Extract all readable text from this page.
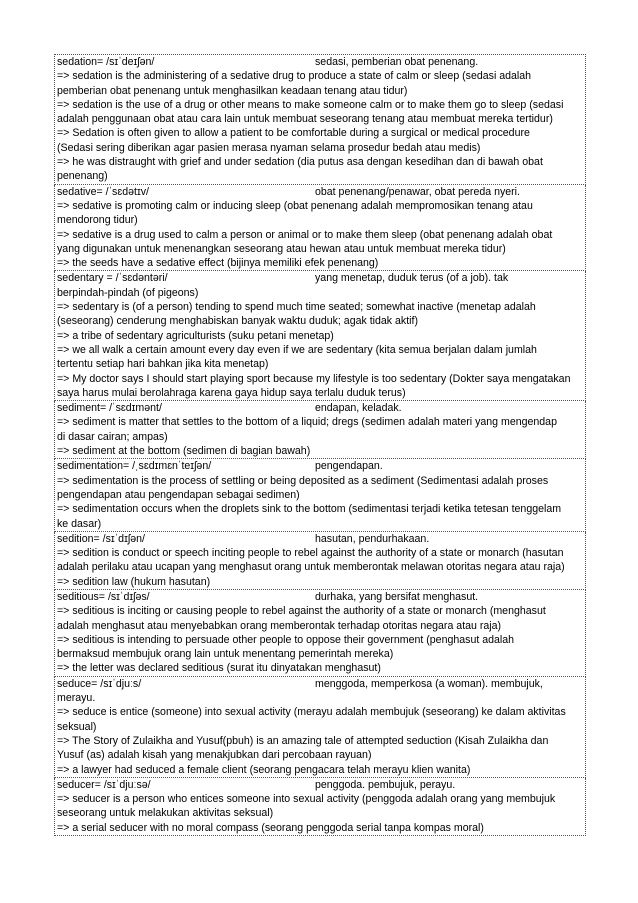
sedation= /sɪˈdeɪʃən/	sedasi, pemberian obat penenang.
=> sedation is the administering of a sedative drug to produce a state of calm or sleep (sedasi adalah
pemberian obat penenang untuk menghasilkan keadaan tenang atau tidur)
=> sedation is the use of a drug or other means to make someone calm or to make them go to sleep (sedasi
adalah penggunaan obat atau cara lain untuk membuat seseorang tenang atau membuat mereka tertidur)
=> Sedation is often given to allow a patient to be comfortable during a surgical or medical procedure
(Sedasi sering diberikan agar pasien merasa nyaman selama prosedur bedah atau medis)
=> he was distraught with grief and under sedation (dia putus asa dengan kesedihan dan di bawah obat
penenang)
sedative= /ˈsɛdətɪv/	obat penenang/penawar, obat pereda nyeri.
=> sedative is promoting calm or inducing sleep (obat penenang adalah mempromosikan tenang atau
mendorong tidur)
=> sedative is a drug used to calm a person or animal or to make them sleep (obat penenang adalah obat
yang digunakan untuk menenangkan seseorang atau hewan atau untuk membuat mereka tidur)
=> the seeds have a sedative effect (bijinya memiliki efek penenang)
sedentary = /ˈsɛdəntəri/	yang menetap, duduk terus (of a job). tak
berpindah-pindah (of pigeons)
=> sedentary is (of a person) tending to spend much time seated; somewhat inactive (menetap adalah
(seseorang) cenderung menghabiskan banyak waktu duduk; agak tidak aktif)
=> a tribe of sedentary agriculturists (suku petani menetap)
=> we all walk a certain amount every day even if we are sedentary (kita semua berjalan dalam jumlah
tertentu setiap hari bahkan jika kita menetap)
=> My doctor says I should start playing sport because my lifestyle is too sedentary (Dokter saya mengatakan
saya harus mulai berolahraga karena gaya hidup saya terlalu duduk terus)
sediment= /ˈsɛdɪmənt/	endapan, keladak.
=> sediment is matter that settles to the bottom of a liquid; dregs (sedimen adalah materi yang mengendap
di dasar cairan; ampas)
=> sediment at the bottom (sedimen di bagian bawah)
sedimentation= /ˌsɛdɪmɛnˈteɪʃən/	pengendapan.
=> sedimentation is the process of settling or being deposited as a sediment (Sedimentasi adalah proses
pengendapan atau pengendapan sebagai sedimen)
=> sedimentation occurs when the droplets sink to the bottom (sedimentasi terjadi ketika tetesan tenggelam
ke dasar)
sedition= /sɪˈdɪʃən/	hasutan, pendurhakaan.
=> sedition is conduct or speech inciting people to rebel against the authority of a state or monarch (hasutan
adalah perilaku atau ucapan yang menghasut orang untuk memberontak melawan otoritas negara atau raja)
=> sedition law (hukum hasutan)
seditious= /sɪˈdɪʃəs/	durhaka, yang bersifat menghasut.
=> seditious is inciting or causing people to rebel against the authority of a state or monarch (menghasut
adalah menghasut atau menyebabkan orang memberontak terhadap otoritas negara atau raja)
=> seditious is intending to persuade other people to oppose their government (penghasut adalah
bermaksud membujuk orang lain untuk menentang pemerintah mereka)
=> the letter was declared seditious (surat itu dinyatakan menghasut)
seduce= /sɪˈdjuːs/	menggoda, memperkosa (a woman). membujuk,
merayu.
=> seduce is entice (someone) into sexual activity (merayu adalah membujuk (seseorang) ke dalam aktivitas
seksual)
=> The Story of Zulaikha and Yusuf(pbuh) is an amazing tale of attempted seduction (Kisah Zulaikha dan
Yusuf (as) adalah kisah yang menakjubkan dari percobaan rayuan)
=> a lawyer had seduced a female client (seorang pengacara telah merayu klien wanita)
seducer= /sɪˈdjuːsə/	penggoda. pembujuk, perayu.
=> seducer is a person who entices someone into sexual activity (penggoda adalah orang yang membujuk
seseorang untuk melakukan aktivitas seksual)
=> a serial seducer with no moral compass (seorang penggoda serial tanpa kompas moral)
